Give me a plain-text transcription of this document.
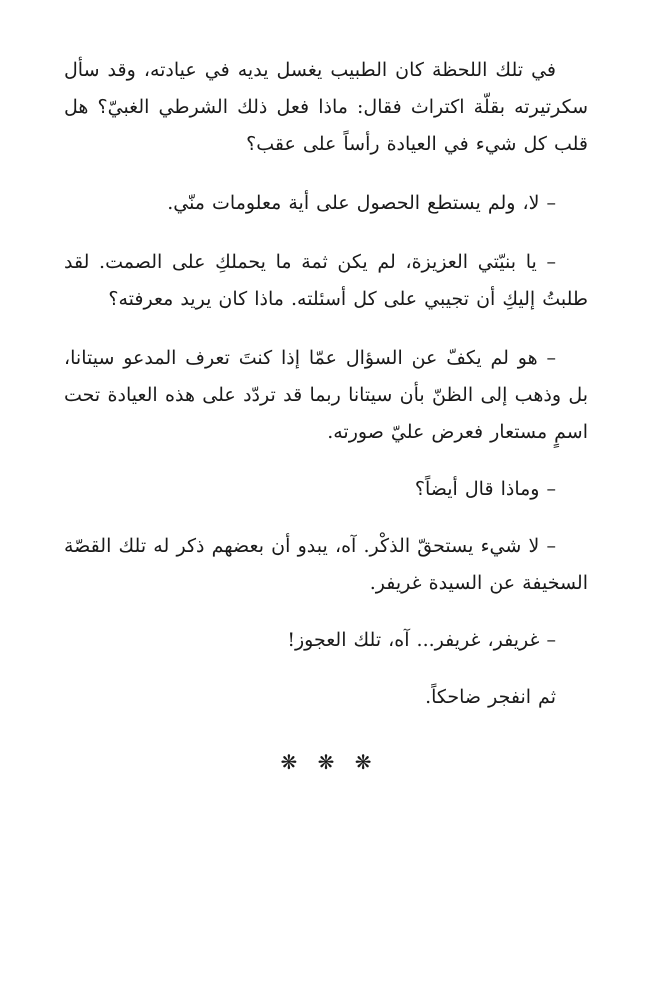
في تلك اللحظة كان الطبيب يغسل يديه في عيادته، وقد سأل سكرتيرته بقلّة اكتراث فقال: ماذا فعل ذلك الشرطي الغبيّ؟ هل قلب كل شيء في العيادة رأساً على عقب؟

– لا، ولم يستطع الحصول على أية معلومات منّي.

– يا بنيّتي العزيزة، لم يكن ثمة ما يحملكِ على الصمت. لقد طلبتُ إليكِ أن تجيبي على كل أسئلته. ماذا كان يريد معرفته؟

– هو لم يكفّ عن السؤال عمّا إذا كنتَ تعرف المدعو سيتانا، بل وذهب إلى الظنّ بأن سيتانا ربما قد تردّد على هذه العيادة تحت اسمٍ مستعار فعرض عليّ صورته.

– وماذا قال أيضاً؟

– لا شيء يستحقّ الذكْر. آه، يبدو أن بعضهم ذكر له تلك القصّة السخيفة عن السيدة غريفر.

– غريفر، غريفر... آه، تلك العجوز!

ثم انفجر ضاحكاً.

❋ ❋ ❋
